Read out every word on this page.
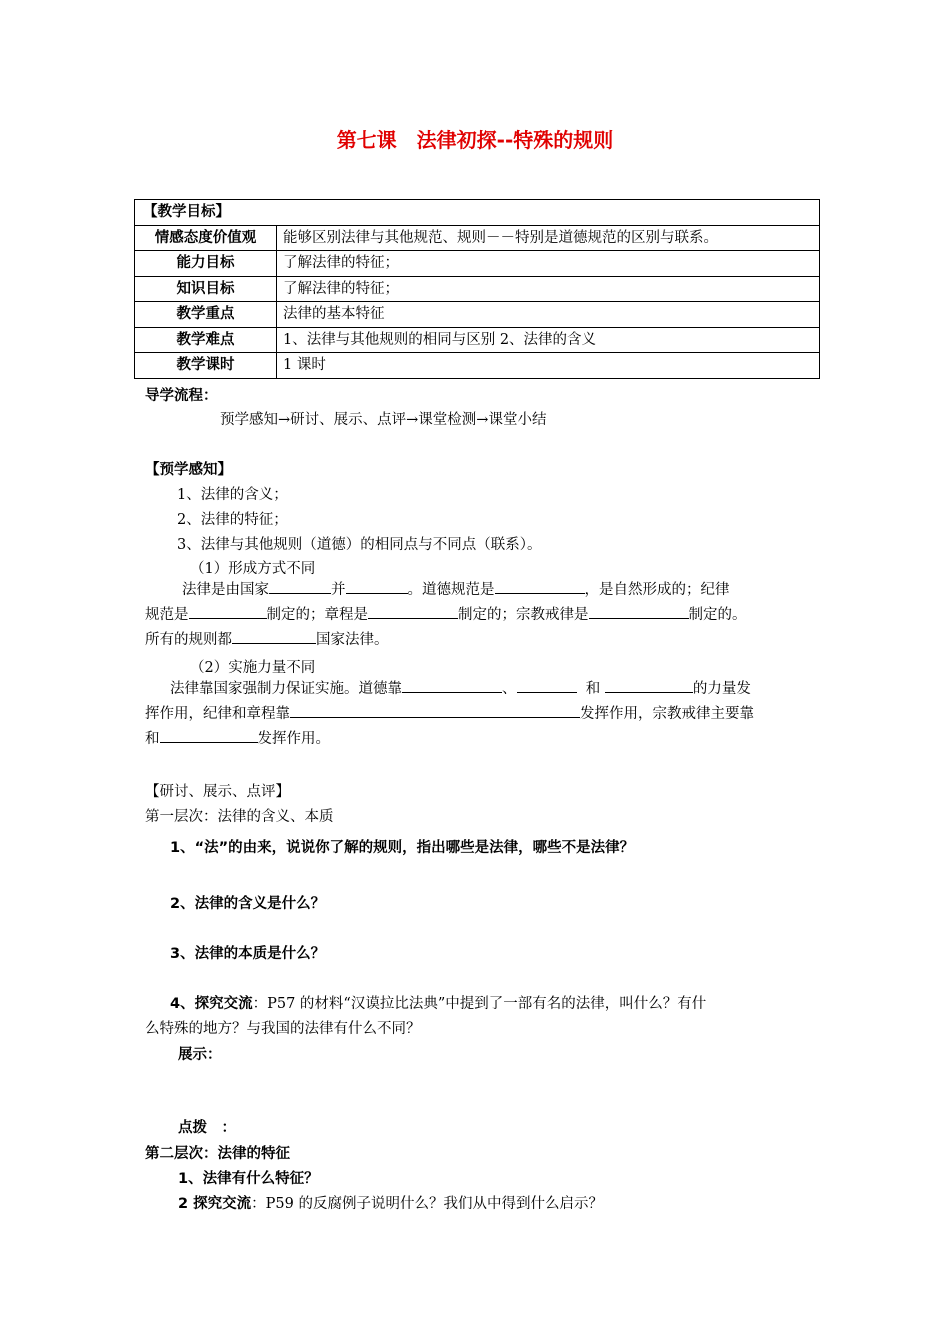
第七课　法律初探--特殊的规则
【教学目标】	
情感态度价值观	能够区别法律与其他规范、规则－－特别是道德规范的区别与联系。
能力目标	了解法律的特征；
知识目标	了解法律的特征；
教学重点	法律的基本特征
教学难点	1、法律与其他规则的相同与区别 2、法律的含义
教学课时	1 课时
导学流程：
预学感知→研讨、展示、点评→课堂检测→课堂小结
【预学感知】
1、法律的含义；
2、法律的特征；
3、法律与其他规则（道德）的相同点与不同点（联系）。
（1）形成方式不同
法律是由国家	并	。道德规范是	，是自然形成的；纪律
规范是	制定的；章程是	制定的；宗教戒律是	制定的。
所有的规则都	国家法律。
（2）实施力量不同
法律靠国家强制力保证实施。道德靠	、	和	的力量发
挥作用，纪律和章程靠	发挥作用，宗教戒律主要靠
和	发挥作用。
【研讨、展示、点评】
第一层次：法律的含义、本质
1、“法”的由来，说说你了解的规则，指出哪些是法律，哪些不是法律？
2、法律的含义是什么？
3、法律的本质是什么？
4、探究交流：P57 的材料“汉谟拉比法典”中提到了一部有名的法律，叫什么？有什
么特殊的地方？与我国的法律有什么不同？
展示：
点拨　：
第二层次：法律的特征
1、法律有什么特征？
2 探究交流：P59 的反腐例子说明什么？我们从中得到什么启示？
